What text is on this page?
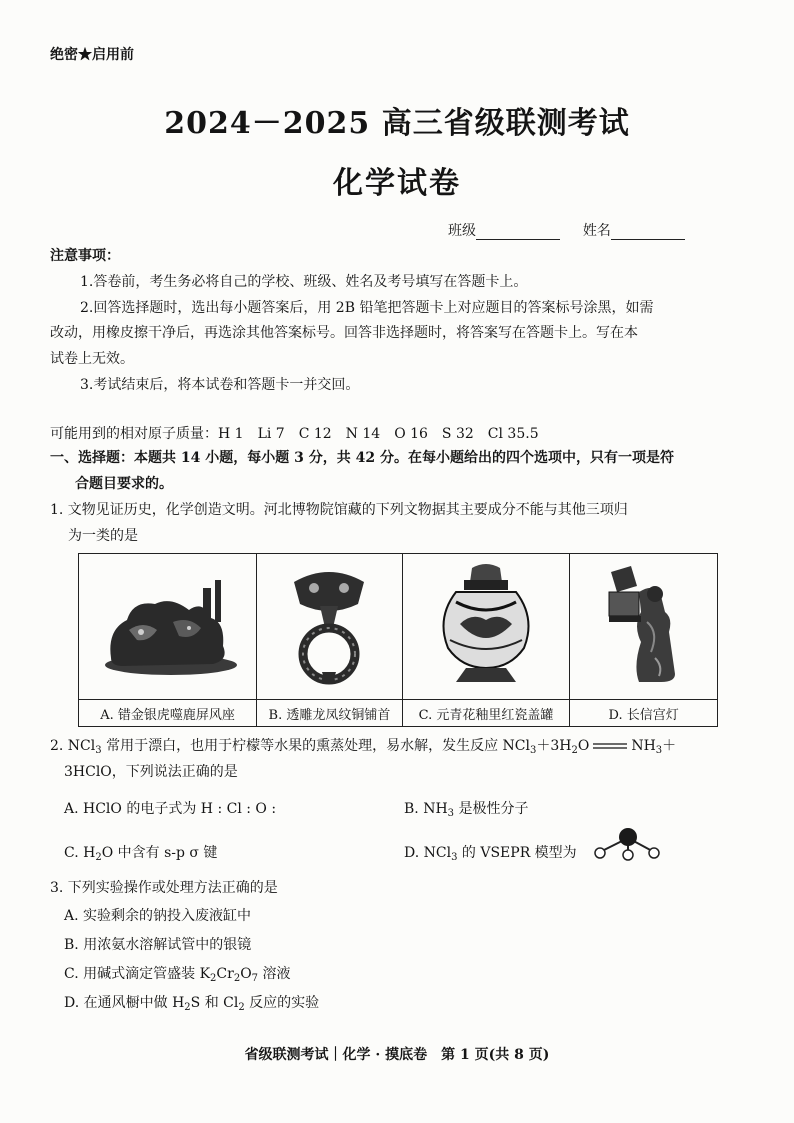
绝密★启用前
2024－2025 高三省级联测考试
化学试卷
班级	姓名
注意事项：
1.答卷前，考生务必将自己的学校、班级、姓名及考号填写在答题卡上。
2.回答选择题时，选出每小题答案后，用 2B 铅笔把答题卡上对应题目的答案标号涂黑，如需
改动，用橡皮擦干净后，再选涂其他答案标号。回答非选择题时，将答案写在答题卡上。写在本
试卷上无效。
3.考试结束后，将本试卷和答题卡一并交回。
可能用到的相对原子质量：H 1　Li 7　C 12　N 14　O 16　S 32　Cl 35.5
一、选择题：本题共 14 小题，每小题 3 分，共 42 分。在每小题给出的四个选项中，只有一项是符
合题目要求的。
1. 文物见证历史，化学创造文明。河北博物院馆藏的下列文物据其主要成分不能与其他三项归
为一类的是

A. 错金银虎噬鹿屏风座	B. 透雕龙凤纹铜铺首	C. 元青花釉里红瓷盖罐	D. 长信宫灯
2. NCl$_3$ 常用于漂白，也用于柠檬等水果的熏蒸处理，易水解，发生反应 $NCl_3+3H_2O$	$NH_3+$
3HClO，下列说法正确的是
A. HClO 的电子式为 H : Cl : O :	B. $NH_3$ 是极性分子
C. $H_2O$ 中含有 s-p σ 键	D. NCl$_3$ 的 VSEPR 模型为
3. 下列实验操作或处理方法正确的是
A. 实验剩余的钠投入废液缸中
B. 用浓氨水溶解试管中的银镜
C. 用碱式滴定管盛装 $K_2Cr_2O_7$ 溶液
D. 在通风橱中做 $H_2S$ 和 $Cl_2$ 反应的实验
省级联测考试｜化学 · 摸底卷　第 1 页(共 8 页)
